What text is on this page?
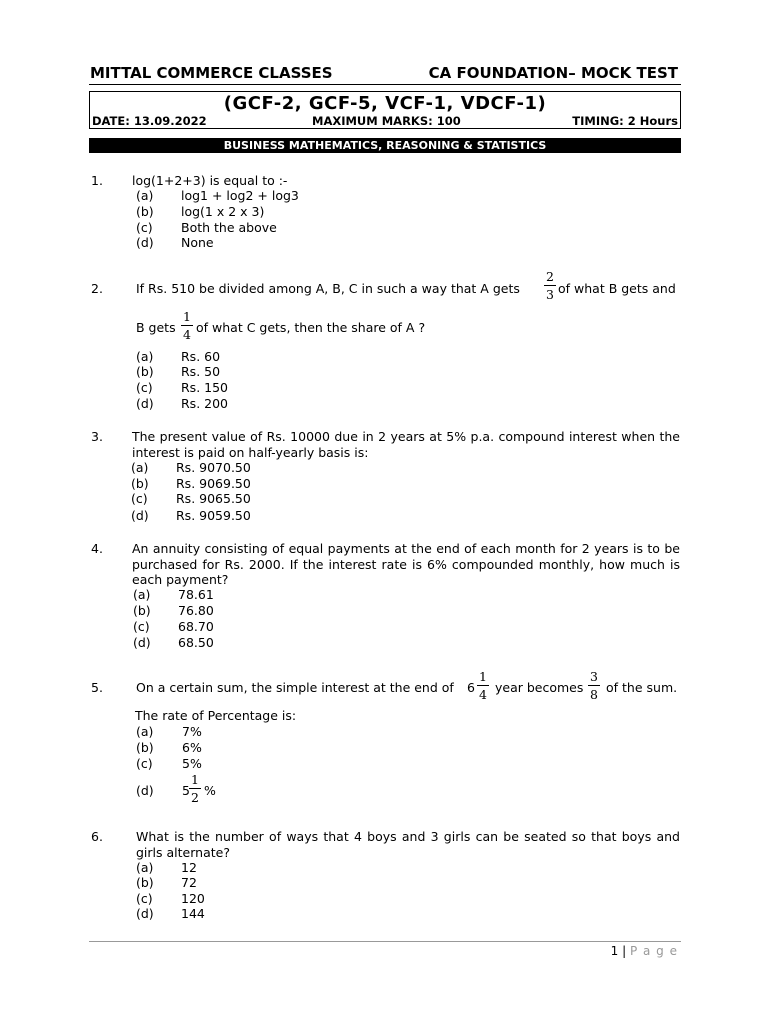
MITTAL COMMERCE CLASSES	CA FOUNDATION– MOCK TEST
(GCF-2, GCF-5, VCF-1, VDCF-1)
DATE: 13.09.2022	MAXIMUM MARKS: 100	TIMING: 2 Hours
BUSINESS MATHEMATICS, REASONING & STATISTICS
1. log(1+2+3) is equal to :-
(a) log1 + log2 + log3
(b) log(1 x 2 x 3)
(c) Both the above
(d) None
2.	If Rs. 510 be divided among A, B, C in such a way that A gets
2
3 of what B gets and
B gets
1
4 of what C gets, then the share of A ?
(a) Rs. 60
(b) Rs. 50
(c) Rs. 150
(d) Rs. 200
3. The present value of Rs. 10000 due in 2 years at 5% p.a. compound interest when the interest is paid on half-yearly basis is:
(a) Rs. 9070.50
(b) Rs. 9069.50
(c) Rs. 9065.50
(d) Rs. 9059.50
4. An annuity consisting of equal payments at the end of each month for 2 years is to be purchased for Rs. 2000. If the interest rate is 6% compounded monthly, how much is each payment?
(a) 78.61
(b) 76.80
(c) 68.70
(d) 68.50
5.	On a certain sum, the simple interest at the end of 6
1
4 year becomes
3
8 of the sum.
The rate of Percentage is:
(a) 7%
(b) 6%
(c) 5%
(d) 5
1
2 %
6.	What is the number of ways that 4 boys and 3 girls can be seated so that boys and girls alternate?
(a) 12
(b) 72
(c) 120
(d) 144
1 | P a g e
